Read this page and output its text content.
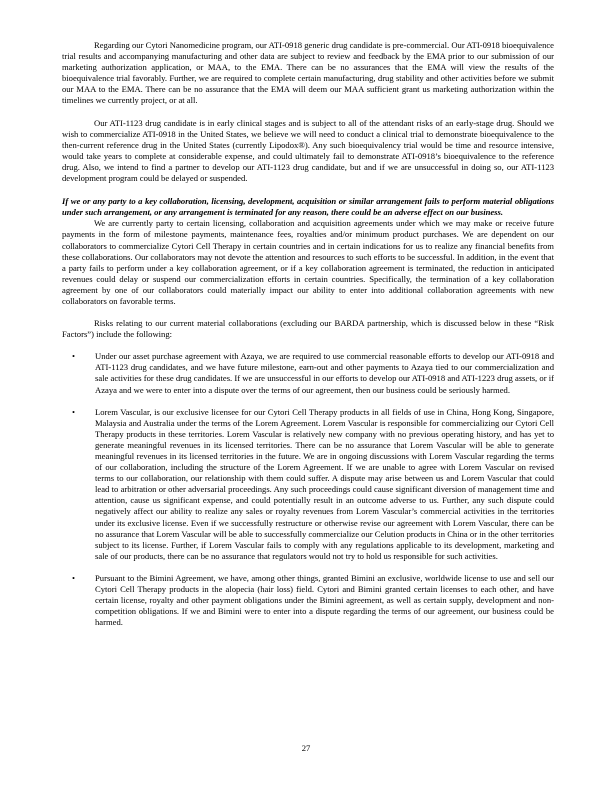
Regarding our Cytori Nanomedicine program, our ATI-0918 generic drug candidate is pre-commercial. Our ATI-0918 bioequivalence trial results and accompanying manufacturing and other data are subject to review and feedback by the EMA prior to our submission of our marketing authorization application, or MAA, to the EMA. There can be no assurances that the EMA will view the results of the bioequivalence trial favorably. Further, we are required to complete certain manufacturing, drug stability and other activities before we submit our MAA to the EMA. There can be no assurance that the EMA will deem our MAA sufficient grant us marketing authorization within the timelines we currently project, or at all.

Our ATI-1123 drug candidate is in early clinical stages and is subject to all of the attendant risks of an early-stage drug. Should we wish to commercialize ATI-0918 in the United States, we believe we will need to conduct a clinical trial to demonstrate bioequivalence to the then-current reference drug in the United States (currently Lipodox®). Any such bioequivalency trial would be time and resource intensive, would take years to complete at considerable expense, and could ultimately fail to demonstrate ATI-0918’s bioequivalence to the reference drug. Also, we intend to find a partner to develop our ATI-1123 drug candidate, but and if we are unsuccessful in doing so, our ATI-1123 development program could be delayed or suspended.

If we or any party to a key collaboration, licensing, development, acquisition or similar arrangement fails to perform material obligations under such arrangement, or any arrangement is terminated for any reason, there could be an adverse effect on our business.

We are currently party to certain licensing, collaboration and acquisition agreements under which we may make or receive future payments in the form of milestone payments, maintenance fees, royalties and/or minimum product purchases. We are dependent on our collaborators to commercialize Cytori Cell Therapy in certain countries and in certain indications for us to realize any financial benefits from these collaborations. Our collaborators may not devote the attention and resources to such efforts to be successful. In addition, in the event that a party fails to perform under a key collaboration agreement, or if a key collaboration agreement is terminated, the reduction in anticipated revenues could delay or suspend our commercialization efforts in certain countries. Specifically, the termination of a key collaboration agreement by one of our collaborators could materially impact our ability to enter into additional collaboration agreements with new collaborators on favorable terms.

Risks relating to our current material collaborations (excluding our BARDA partnership, which is discussed below in these “Risk Factors”) include the following:

• Under our asset purchase agreement with Azaya, we are required to use commercial reasonable efforts to develop our ATI-0918 and ATI-1123 drug candidates, and we have future milestone, earn-out and other payments to Azaya tied to our commercialization and sale activities for these drug candidates. If we are unsuccessful in our efforts to develop our ATI-0918 and ATI-1223 drug assets, or if Azaya and we were to enter into a dispute over the terms of our agreement, then our business could be seriously harmed.
• Lorem Vascular, is our exclusive licensee for our Cytori Cell Therapy products in all fields of use in China, Hong Kong, Singapore, Malaysia and Australia under the terms of the Lorem Agreement. Lorem Vascular is responsible for commercializing our Cytori Cell Therapy products in these territories. Lorem Vascular is relatively new company with no previous operating history, and has yet to generate meaningful revenues in its licensed territories. There can be no assurance that Lorem Vascular will be able to generate meaningful revenues in its licensed territories in the future. We are in ongoing discussions with Lorem Vascular regarding the terms of our collaboration, including the structure of the Lorem Agreement. If we are unable to agree with Lorem Vascular on revised terms to our collaboration, our relationship with them could suffer. A dispute may arise between us and Lorem Vascular that could lead to arbitration or other adversarial proceedings. Any such proceedings could cause significant diversion of management time and attention, cause us significant expense, and could potentially result in an outcome adverse to us. Further, any such dispute could negatively affect our ability to realize any sales or royalty revenues from Lorem Vascular’s commercial activities in the territories under its exclusive license. Even if we successfully restructure or otherwise revise our agreement with Lorem Vascular, there can be no assurance that Lorem Vascular will be able to successfully commercialize our Celution products in China or in the other territories subject to its license. Further, if Lorem Vascular fails to comply with any regulations applicable to its development, marketing and sale of our products, there can be no assurance that regulators would not try to hold us responsible for such activities.
• Pursuant to the Bimini Agreement, we have, among other things, granted Bimini an exclusive, worldwide license to use and sell our Cytori Cell Therapy products in the alopecia (hair loss) field. Cytori and Bimini granted certain licenses to each other, and have certain license, royalty and other payment obligations under the Bimini agreement, as well as certain supply, development and non-competition obligations. If we and Bimini were to enter into a dispute regarding the terms of our agreement, our business could be harmed.
27
